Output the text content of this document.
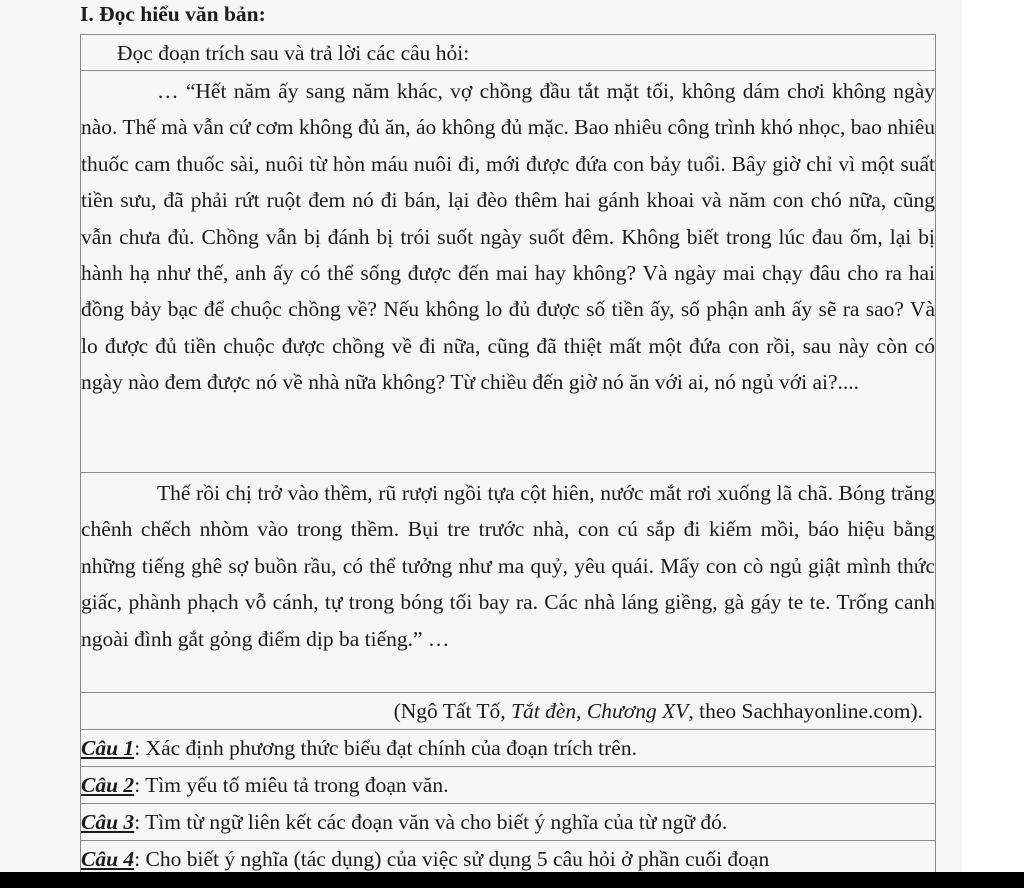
I. Đọc hiểu văn bản:

Đọc đoạn trích sau và trả lời các câu hỏi:

… “Hết năm ấy sang năm khác, vợ chồng đầu tắt mặt tối, không dám chơi không ngày nào. Thế mà vẫn cứ cơm không đủ ăn, áo không đủ mặc. Bao nhiêu công trình khó nhọc, bao nhiêu thuốc cam thuốc sài, nuôi từ hòn máu nuôi đi, mới được đứa con bảy tuổi. Bây giờ chỉ vì một suất tiền sưu, đã phải rứt ruột đem nó đi bán, lại đèo thêm hai gánh khoai và năm con chó nữa, cũng vẫn chưa đủ. Chồng vẫn bị đánh bị trói suốt ngày suốt đêm. Không biết trong lúc đau ốm, lại bị hành hạ như thế, anh ấy có thể sống được đến mai hay không? Và ngày mai chạy đâu cho ra hai đồng bảy bạc để chuộc chồng về? Nếu không lo đủ được số tiền ấy, số phận anh ấy sẽ ra sao? Và lo được đủ tiền chuộc được chồng về đi nữa, cũng đã thiệt mất một đứa con rồi, sau này còn có ngày nào đem được nó về nhà nữa không? Từ chiều đến giờ nó ăn với ai, nó ngủ với ai?....

Thế rồi chị trở vào thềm, rũ rượi ngồi tựa cột hiên, nước mắt rơi xuống lã chã. Bóng trăng chênh chếch nhòm vào trong thềm. Bụi tre trước nhà, con cú sắp đi kiếm mồi, báo hiệu bằng những tiếng ghê sợ buồn rầu, có thể tưởng như ma quỷ, yêu quái. Mấy con cò ngủ giật mình thức giấc, phành phạch vỗ cánh, tự trong bóng tối bay ra. Các nhà láng giềng, gà gáy te te. Trống canh ngoài đình gắt gỏng điểm dịp ba tiếng.” …

(Ngô Tất Tố, Tắt đèn, Chương XV, theo Sachhayonline.com).
Câu 1: Xác định phương thức biểu đạt chính của đoạn trích trên.
Câu 2: Tìm yếu tố miêu tả trong đoạn văn.
Câu 3: Tìm từ ngữ liên kết các đoạn văn và cho biết ý nghĩa của từ ngữ đó.
Câu 4: Cho biết ý nghĩa (tác dụng) của việc sử dụng 5 câu hỏi ở phần cuối đoạn
